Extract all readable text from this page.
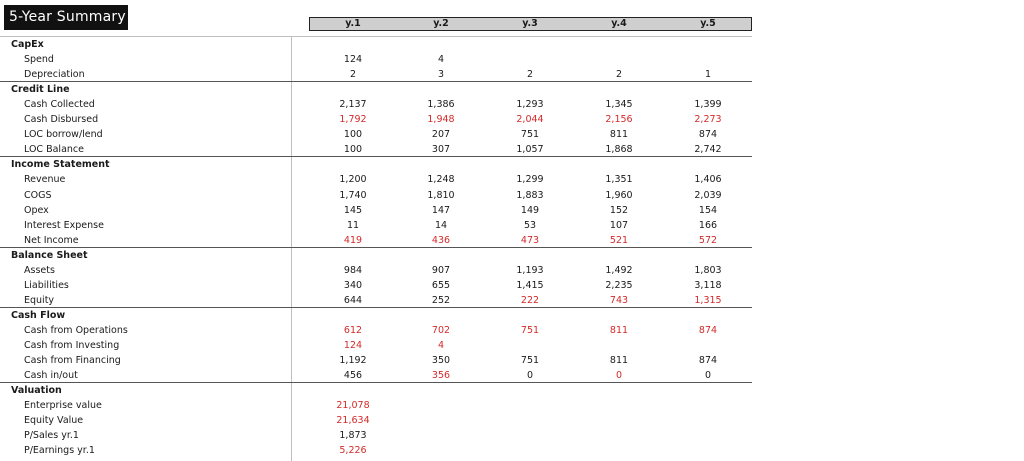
5-Year Summary	y.1	y.2	y.3	y.4	y.5
CapEx
Spend	124	4
Depreciation	2	3	2	2	1
Credit Line
Cash Collected	2,137	1,386	1,293	1,345	1,399
Cash Disbursed	1,792	1,948	2,044	2,156	2,273
LOC borrow/lend	100	207	751	811	874
LOC Balance	100	307	1,057	1,868	2,742
Income Statement
Revenue	1,200	1,248	1,299	1,351	1,406
COGS	1,740	1,810	1,883	1,960	2,039
Opex	145	147	149	152	154
Interest Expense	11	14	53	107	166
Net Income	419	436	473	521	572
Balance Sheet
Assets	984	907	1,193	1,492	1,803
Liabilities	340	655	1,415	2,235	3,118
Equity	644	252	222	743	1,315
Cash Flow
Cash from Operations	612	702	751	811	874
Cash from Investing	124	4
Cash from Financing	1,192	350	751	811	874
Cash in/out	456	356	0	0	0
Valuation
Enterprise value	21,078
Equity Value	21,634
P/Sales yr.1	1,873
P/Earnings yr.1	5,226
